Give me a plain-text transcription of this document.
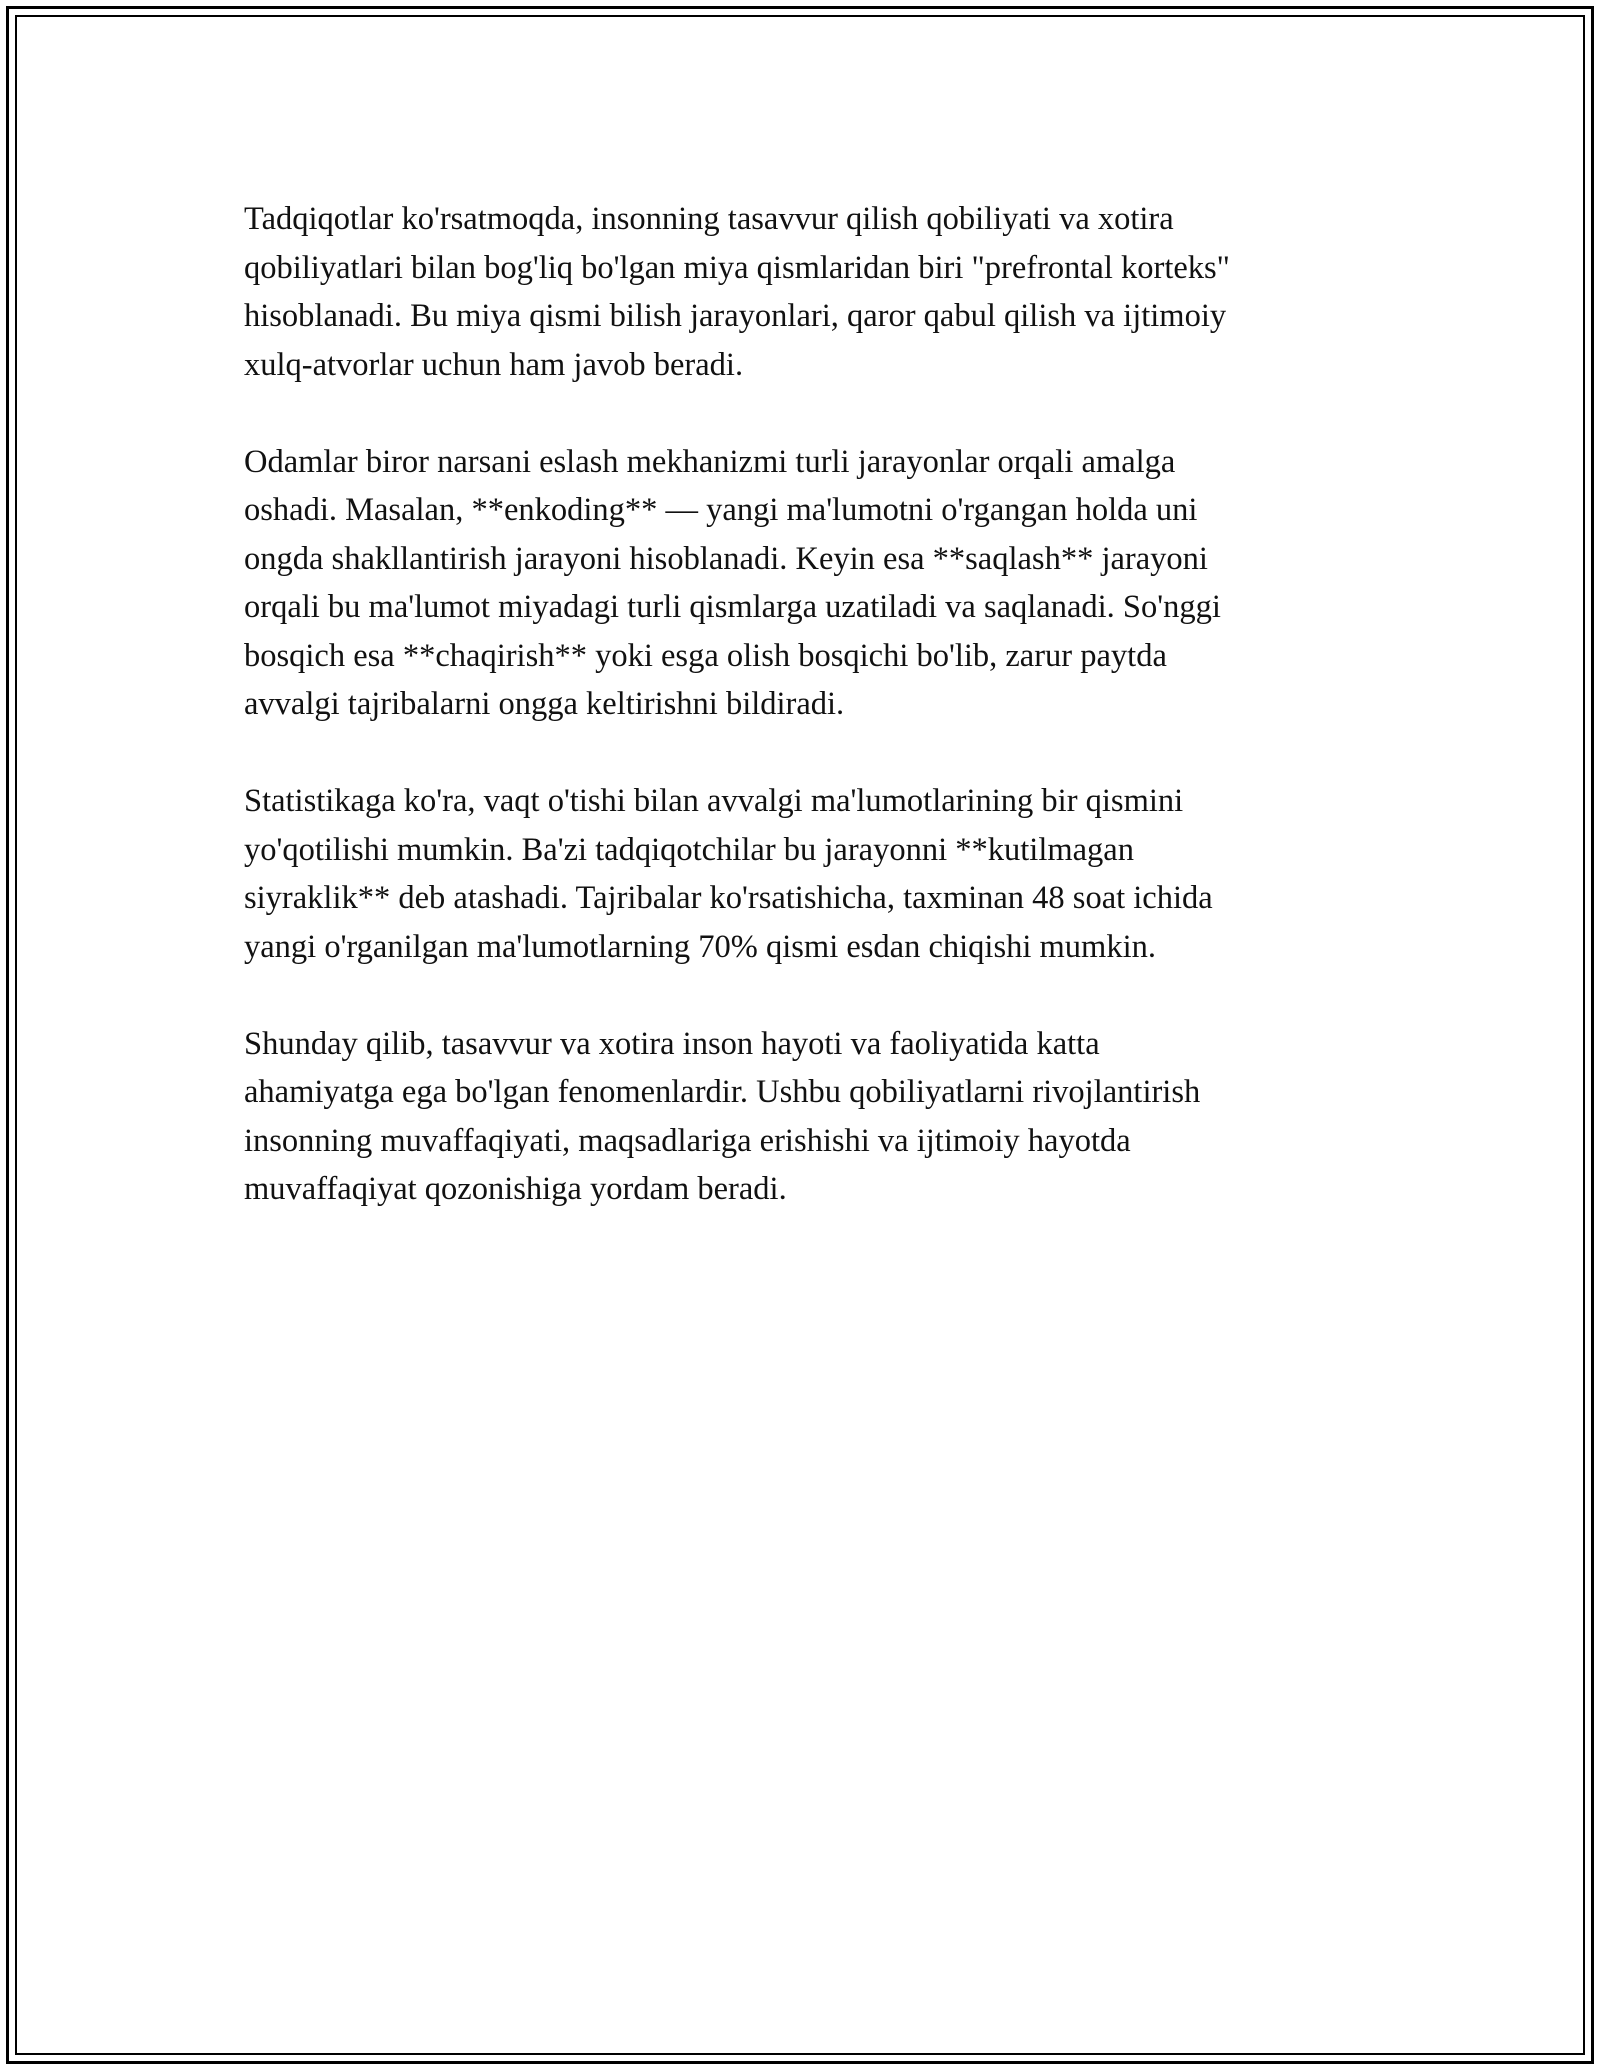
Tadqiqotlar ko'rsatmoqda, insonning tasavvur qilish qobiliyati va xotira
qobiliyatlari bilan bog'liq bo'lgan miya qismlaridan biri "prefrontal korteks"
hisoblanadi. Bu miya qismi bilish jarayonlari, qaror qabul qilish va ijtimoiy
xulq-atvorlar uchun ham javob beradi.

Odamlar biror narsani eslash mekhanizmi turli jarayonlar orqali amalga
oshadi. Masalan, **enkoding** — yangi ma'lumotni o'rgangan holda uni
ongda shakllantirish jarayoni hisoblanadi. Keyin esa **saqlash** jarayoni
orqali bu ma'lumot miyadagi turli qismlarga uzatiladi va saqlanadi. So'nggi
bosqich esa **chaqirish** yoki esga olish bosqichi bo'lib, zarur paytda
avvalgi tajribalarni ongga keltirishni bildiradi.

Statistikaga ko'ra, vaqt o'tishi bilan avvalgi ma'lumotlarining bir qismini
yo'qotilishi mumkin. Ba'zi tadqiqotchilar bu jarayonni **kutilmagan
siyraklik** deb atashadi. Tajribalar ko'rsatishicha, taxminan 48 soat ichida
yangi o'rganilgan ma'lumotlarning 70% qismi esdan chiqishi mumkin.

Shunday qilib, tasavvur va xotira inson hayoti va faoliyatida katta
ahamiyatga ega bo'lgan fenomenlardir. Ushbu qobiliyatlarni rivojlantirish
insonning muvaffaqiyati, maqsadlariga erishishi va ijtimoiy hayotda
muvaffaqiyat qozonishiga yordam beradi.
